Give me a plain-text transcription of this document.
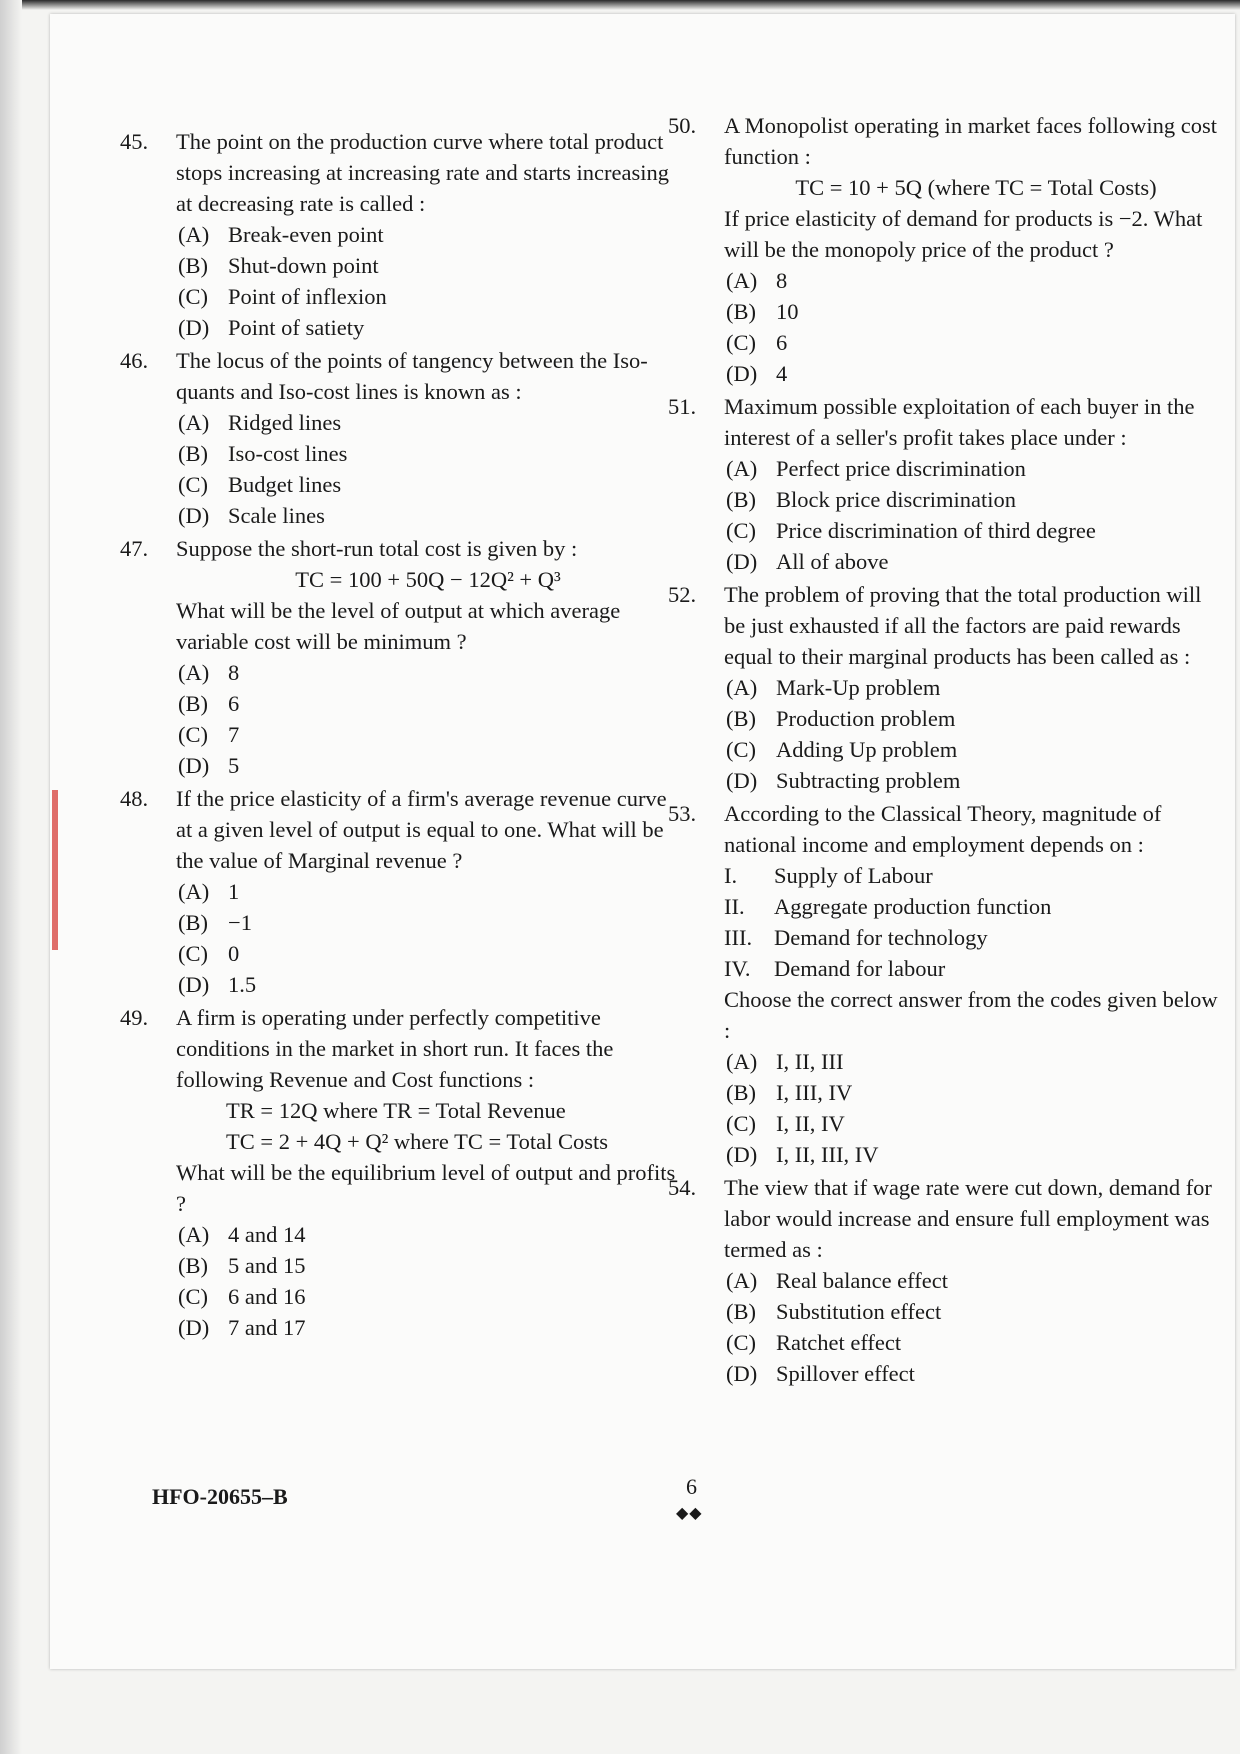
45.	The point on the production curve where total product stops increasing at increasing rate and starts increasing at decreasing rate is called :
(A) Break-even point
(B) Shut-down point
(C) Point of inflexion
(D) Point of satiety
46.	The locus of the points of tangency between the Iso-quants and Iso-cost lines is known as :
(A) Ridged lines
(B) Iso-cost lines
(C) Budget lines
(D) Scale lines
47.	Suppose the short-run total cost is given by :
TC = 100 + 50Q − 12Q² + Q³
What will be the level of output at which average variable cost will be minimum ?
(A) 8
(B) 6
(C) 7
(D) 5
48.	If the price elasticity of a firm's average revenue curve at a given level of output is equal to one. What will be the value of Marginal revenue ?
(A) 1
(B) −1
(C) 0
(D) 1.5
49.	A firm is operating under perfectly competitive conditions in the market in short run. It faces the following Revenue and Cost functions :
TR = 12Q where TR = Total Revenue
TC = 2 + 4Q + Q² where TC = Total Costs
What will be the equilibrium level of output and profits ?
(A) 4 and 14
(B) 5 and 15
(C) 6 and 16
(D) 7 and 17
50.	A Monopolist operating in market faces following cost function :
TC = 10 + 5Q (where TC = Total Costs)
If price elasticity of demand for products is −2. What will be the monopoly price of the product ?
(A) 8
(B) 10
(C) 6
(D) 4
51.	Maximum possible exploitation of each buyer in the interest of a seller's profit takes place under :
(A) Perfect price discrimination
(B) Block price discrimination
(C) Price discrimination of third degree
(D) All of above
52.	The problem of proving that the total production will be just exhausted if all the factors are paid rewards equal to their marginal products has been called as :
(A) Mark-Up problem
(B) Production problem
(C) Adding Up problem
(D) Subtracting problem
53.	According to the Classical Theory, magnitude of national income and employment depends on :
I. Supply of Labour
II. Aggregate production function
III. Demand for technology
IV. Demand for labour
Choose the correct answer from the codes given below :
(A) I, II, III
(B) I, III, IV
(C) I, II, IV
(D) I, II, III, IV
54.	The view that if wage rate were cut down, demand for labor would increase and ensure full employment was termed as :
(A) Real balance effect
(B) Substitution effect
(C) Ratchet effect
(D) Spillover effect
HFO-20655–B	6
◆◆
